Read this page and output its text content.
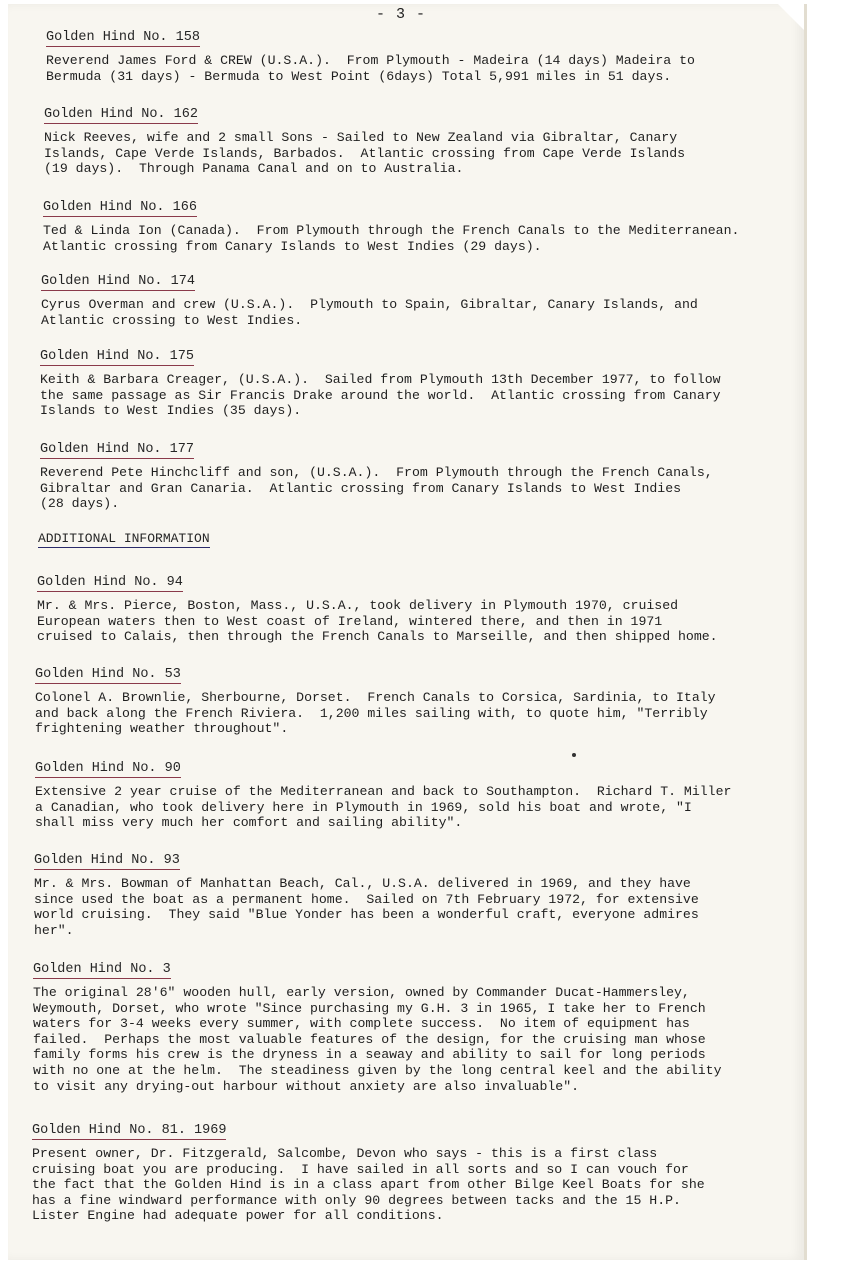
- 3 -
ADDITIONAL INFORMATION
Golden Hind No. 158
Reverend James Ford & CREW (U.S.A.).  From Plymouth - Madeira (14 days) Madeira to
Bermuda (31 days) - Bermuda to West Point (6days) Total 5,991 miles in 51 days.
Golden Hind No. 162
Nick Reeves, wife and 2 small Sons - Sailed to New Zealand via Gibraltar, Canary
Islands, Cape Verde Islands, Barbados.  Atlantic crossing from Cape Verde Islands
(19 days).  Through Panama Canal and on to Australia.
Golden Hind No. 166
Ted & Linda Ion (Canada).  From Plymouth through the French Canals to the Mediterranean.
Atlantic crossing from Canary Islands to West Indies (29 days).
Golden Hind No. 174
Cyrus Overman and crew (U.S.A.).  Plymouth to Spain, Gibraltar, Canary Islands, and
Atlantic crossing to West Indies.
Golden Hind No. 175
Keith & Barbara Creager, (U.S.A.).  Sailed from Plymouth 13th December 1977, to follow
the same passage as Sir Francis Drake around the world.  Atlantic crossing from Canary
Islands to West Indies (35 days).
Golden Hind No. 177
Reverend Pete Hinchcliff and son, (U.S.A.).  From Plymouth through the French Canals,
Gibraltar and Gran Canaria.  Atlantic crossing from Canary Islands to West Indies
(28 days).
Golden Hind No. 94
Mr. & Mrs. Pierce, Boston, Mass., U.S.A., took delivery in Plymouth 1970, cruised
European waters then to West coast of Ireland, wintered there, and then in 1971
cruised to Calais, then through the French Canals to Marseille, and then shipped home.
Golden Hind No. 53
Colonel A. Brownlie, Sherbourne, Dorset.  French Canals to Corsica, Sardinia, to Italy
and back along the French Riviera.  1,200 miles sailing with, to quote him, "Terribly
frightening weather throughout".
Golden Hind No. 90
Extensive 2 year cruise of the Mediterranean and back to Southampton.  Richard T. Miller
a Canadian, who took delivery here in Plymouth in 1969, sold his boat and wrote, "I
shall miss very much her comfort and sailing ability".
Golden Hind No. 93
Mr. & Mrs. Bowman of Manhattan Beach, Cal., U.S.A. delivered in 1969, and they have
since used the boat as a permanent home.  Sailed on 7th February 1972, for extensive
world cruising.  They said "Blue Yonder has been a wonderful craft, everyone admires
her".
Golden Hind No. 3
The original 28'6" wooden hull, early version, owned by Commander Ducat-Hammersley,
Weymouth, Dorset, who wrote "Since purchasing my G.H. 3 in 1965, I take her to French
waters for 3-4 weeks every summer, with complete success.  No item of equipment has
failed.  Perhaps the most valuable features of the design, for the cruising man whose
family forms his crew is the dryness in a seaway and ability to sail for long periods
with no one at the helm.  The steadiness given by the long central keel and the ability
to visit any drying-out harbour without anxiety are also invaluable".
Golden Hind No. 81. 1969
Present owner, Dr. Fitzgerald, Salcombe, Devon who says - this is a first class
cruising boat you are producing.  I have sailed in all sorts and so I can vouch for
the fact that the Golden Hind is in a class apart from other Bilge Keel Boats for she
has a fine windward performance with only 90 degrees between tacks and the 15 H.P.
Lister Engine had adequate power for all conditions.
